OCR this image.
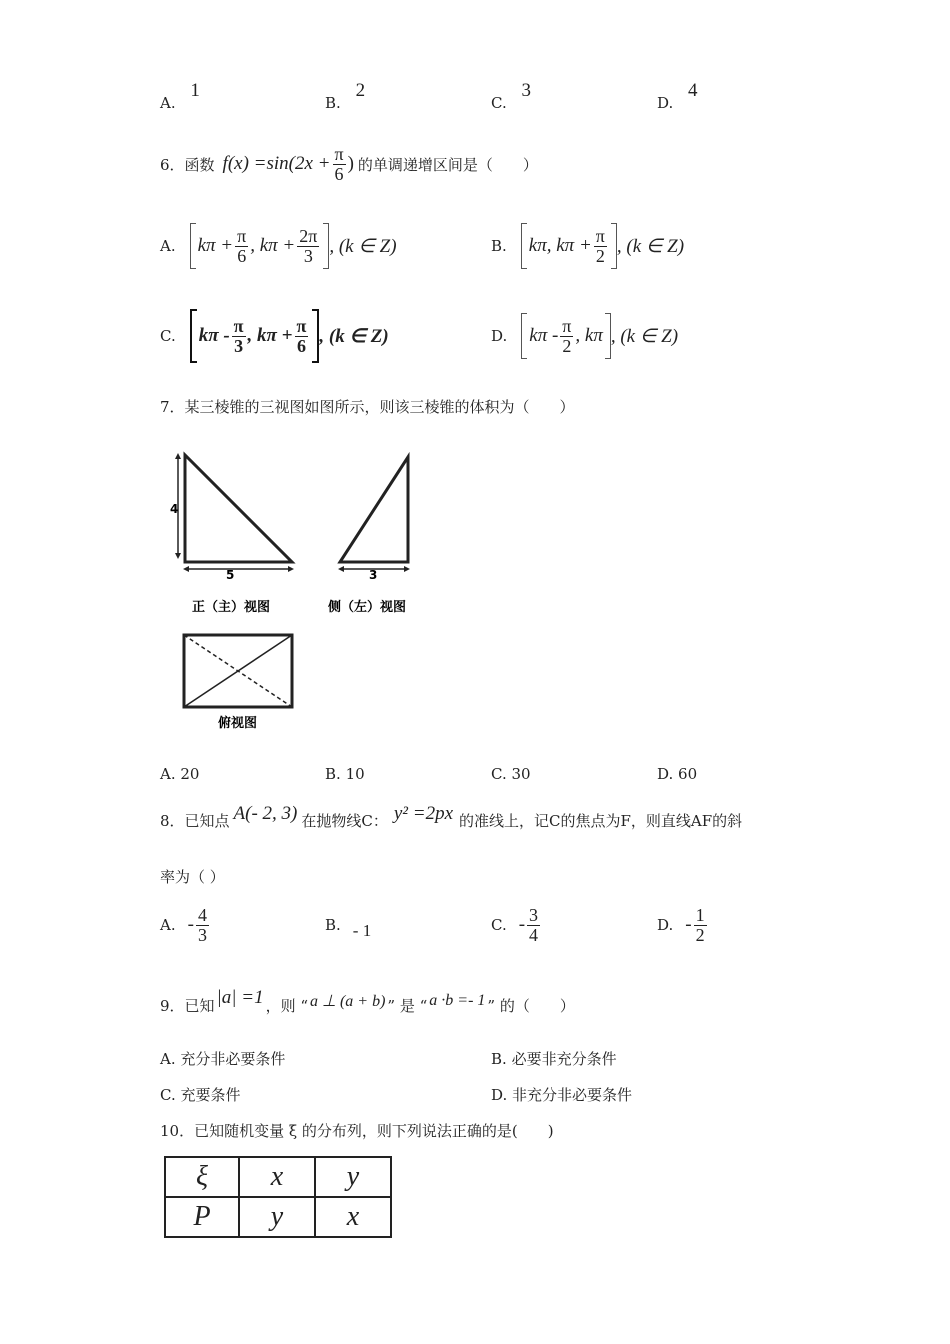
A. 1
B. 2
C. 3
D. 4
6．函数 $f(x) =\sin(2x + \frac{\pi}{6}$ ) 的单调递增区间是（　　）
A. $k\pi + \frac{\pi}{6}$ , $k\pi + \frac{2\pi}{3}$ , (k ∈ Z)	B. kπ, $k\pi + \frac{\pi}{2}$ , (k ∈ Z)
C. kπ - $\frac{\pi}{3}$ , $k\pi + \frac{\pi}{6}$ , (k ∈ Z)	D. kπ - $\frac{\pi}{2}$ , kπ , (k ∈ Z)
7．某三棱锥的三视图如图所示，则该三棱锥的体积为（　　）
4
5
正（主）视图
3
侧（左）视图
俯视图
A. 20	B. 10	C. 30	D. 60
8．已知点 A(- 2, 3) 在抛物线C： y² =2px 的准线上，记C的焦点为F，则直线AF的斜
率为（ ）
A. - $\frac{4}{3}$	B. - 1	C. - $\frac{3}{4}$	D. - $\frac{1}{2}$
9．已知 |a| =1 ，则 “ a ⊥ (a + b) ” 是 “ a ·b =- 1 ” 的（　　）
A. 充分非必要条件	B. 必要非充分条件
C. 充要条件	D. 非充分非必要条件
10．已知随机变量 ξ 的分布列，则下列说法正确的是(　　)
ξ	x	y
P	y	x
